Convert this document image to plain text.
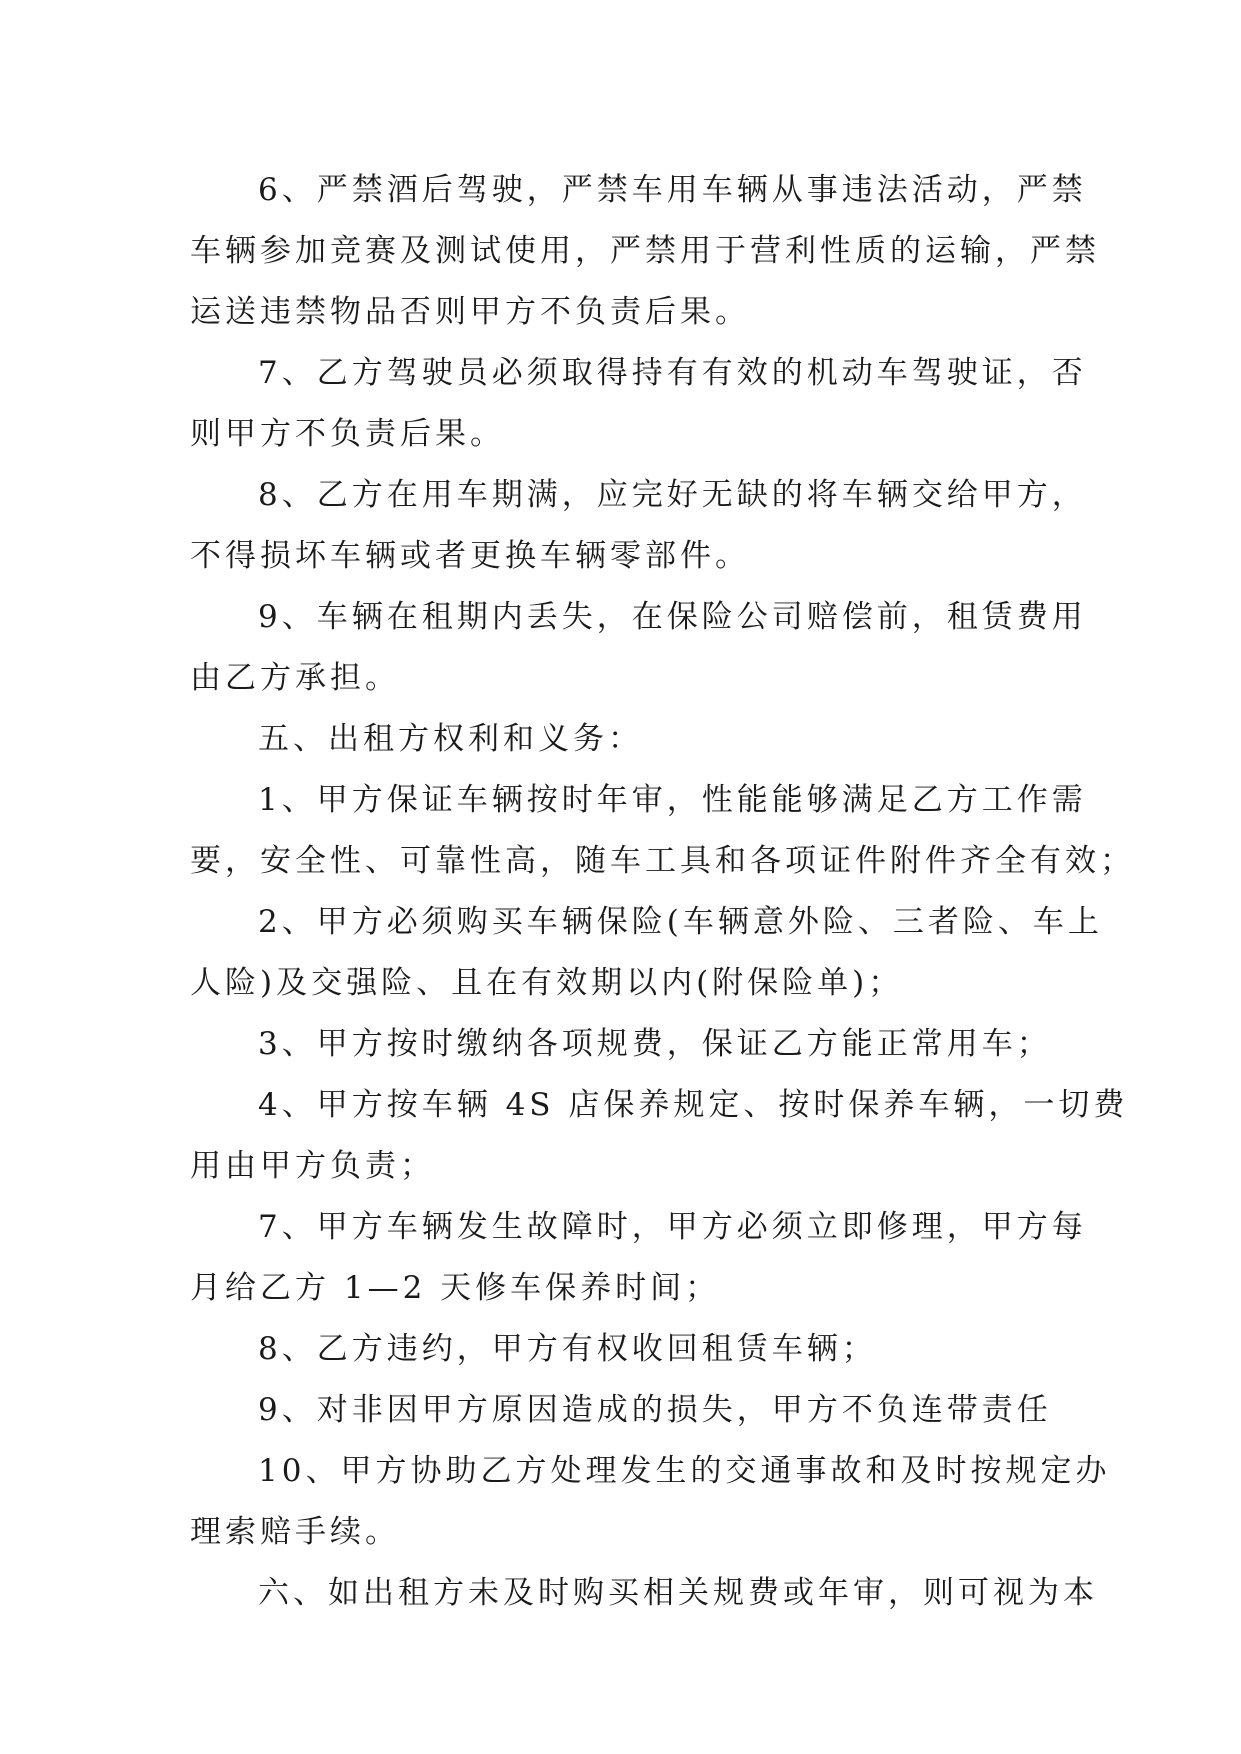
6、严禁酒后驾驶，严禁车用车辆从事违法活动，严禁
车辆参加竞赛及测试使用，严禁用于营利性质的运输，严禁
运送违禁物品否则甲方不负责后果。

7、乙方驾驶员必须取得持有有效的机动车驾驶证，否
则甲方不负责后果。

8、乙方在用车期满，应完好无缺的将车辆交给甲方，
不得损坏车辆或者更换车辆零部件。

9、车辆在租期内丢失，在保险公司赔偿前，租赁费用
由乙方承担。

五、出租方权利和义务：

1、甲方保证车辆按时年审，性能能够满足乙方工作需
要，安全性、可靠性高，随车工具和各项证件附件齐全有效；

2、甲方必须购买车辆保险(车辆意外险、三者险、车上
人险)及交强险、且在有效期以内(附保险单)；

3、甲方按时缴纳各项规费，保证乙方能正常用车；

4、甲方按车辆 4S 店保养规定、按时保养车辆，一切费
用由甲方负责；

7、甲方车辆发生故障时，甲方必须立即修理，甲方每
月给乙方 1—2 天修车保养时间；

8、乙方违约，甲方有权收回租赁车辆；

9、对非因甲方原因造成的损失，甲方不负连带责任

10、甲方协助乙方处理发生的交通事故和及时按规定办
理索赔手续。

六、如出租方未及时购买相关规费或年审，则可视为本
